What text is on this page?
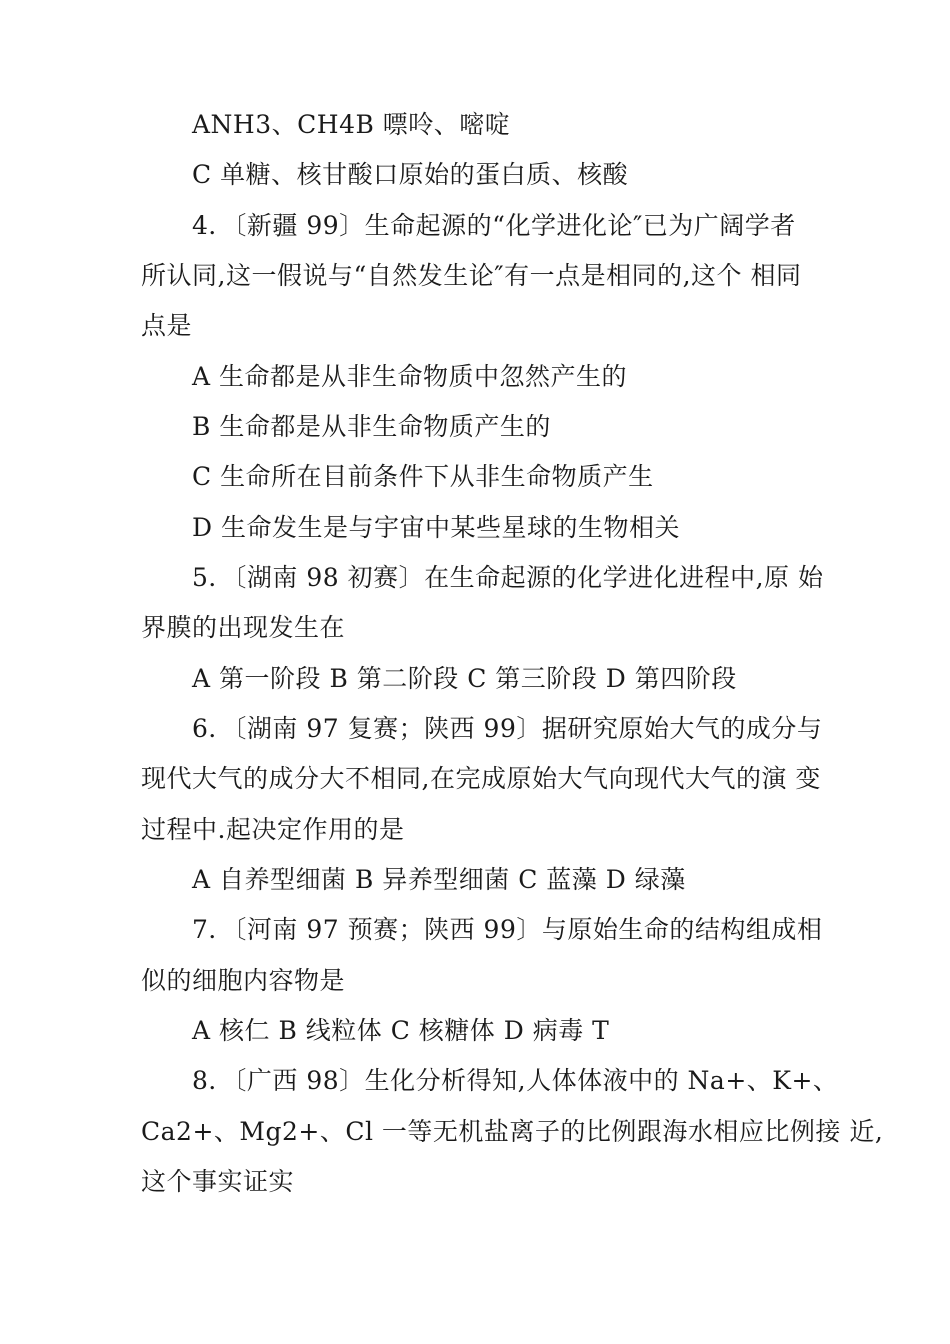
ANH3、CH4B 嘌呤、嘧啶
C 单糖、核甘酸口原始的蛋白质、核酸
4．〔新疆 99〕生命起源的“化学进化论″已为广阔学者
所认同,这一假说与“自然发生论″有一点是相同的,这个 相同
点是
A 生命都是从非生命物质中忽然产生的
B 生命都是从非生命物质产生的
C 生命所在目前条件下从非生命物质产生
D 生命发生是与宇宙中某些星球的生物相关
5．〔湖南 98 初赛〕在生命起源的化学进化进程中,原 始
界膜的出现发生在
A 第一阶段 B 第二阶段 C 第三阶段 D 第四阶段
6．〔湖南 97 复赛；陕西 99〕据研究原始大气的成分与
现代大气的成分大不相同,在完成原始大气向现代大气的演 变
过程中.起决定作用的是
A 自养型细菌 B 异养型细菌 C 蓝藻 D 绿藻
7．〔河南 97 预赛；陕西 99〕与原始生命的结构组成相
似的细胞内容物是
A 核仁 B 线粒体 C 核糖体 D 病毒 T
8．〔广西 98〕生化分析得知,人体体液中的 Na+、K+、
Ca2+、Mg2+、Cl 一等无机盐离子的比例跟海水相应比例接 近,
这个事实证实
